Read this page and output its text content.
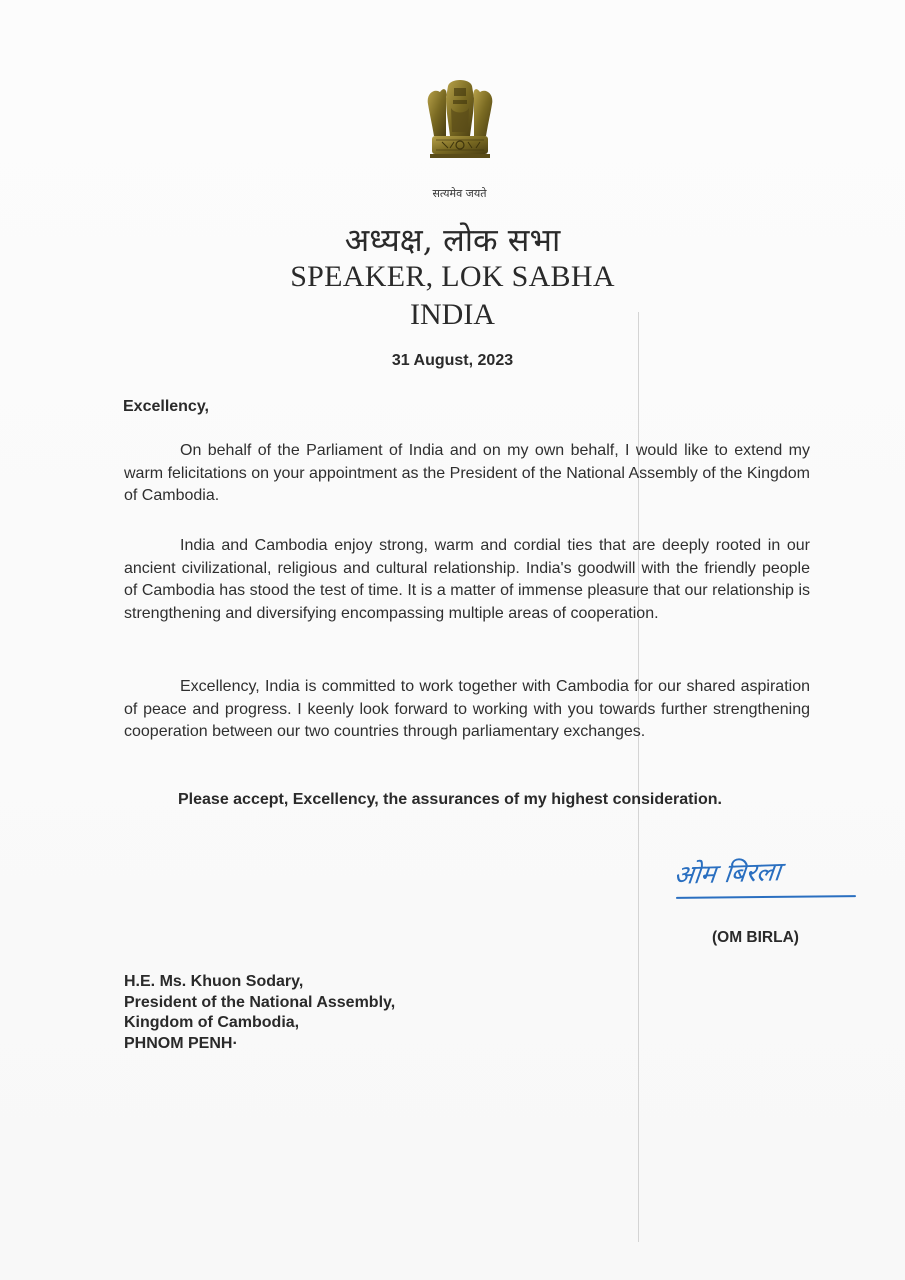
सत्यमेव जयते
अध्यक्ष, लोक सभा
SPEAKER, LOK SABHA
INDIA
31 August, 2023
Excellency,

On behalf of the Parliament of India and on my own behalf, I would like to extend my warm felicitations on your appointment as the President of the National Assembly of the Kingdom of Cambodia.

India and Cambodia enjoy strong, warm and cordial ties that are deeply rooted in our ancient civilizational, religious and cultural relationship. India's goodwill with the friendly people of Cambodia has stood the test of time. It is a matter of immense pleasure that our relationship is strengthening and diversifying encompassing multiple areas of cooperation.

Excellency, India is committed to work together with Cambodia for our shared aspiration of peace and progress. I keenly look forward to working with you towards further strengthening cooperation between our two countries through parliamentary exchanges.

Please accept, Excellency, the assurances of my highest consideration.
ओम बिरला
(OM BIRLA)
H.E. Ms. Khuon Sodary,
President of the National Assembly,
Kingdom of Cambodia,
PHNOM PENH·
